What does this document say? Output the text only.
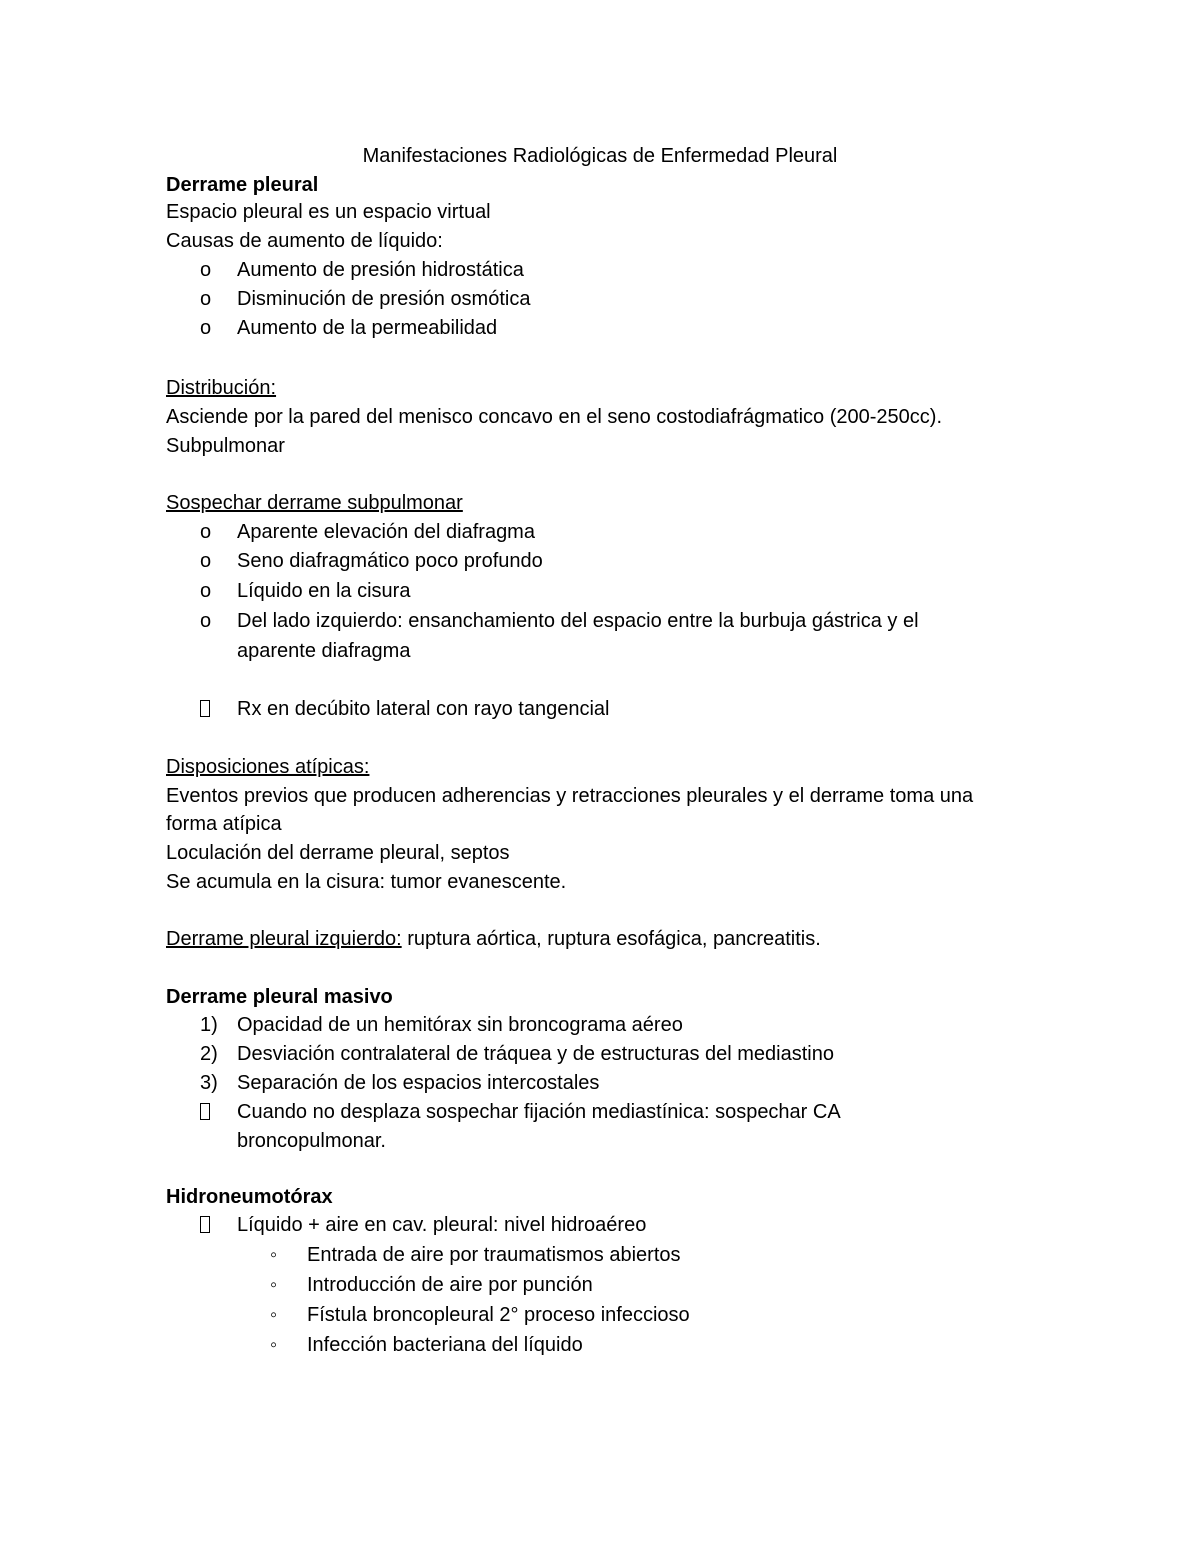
Manifestaciones Radiológicas de Enfermedad Pleural
Derrame pleural
Espacio pleural es un espacio virtual
Causas de aumento de líquido:
o	Aumento de presión hidrostática
o	Disminución de presión osmótica
o	Aumento de la permeabilidad
Distribución:
Asciende por la pared del menisco concavo en el seno costodiafrágmatico (200-250cc).
Subpulmonar
Sospechar derrame subpulmonar
o	Aparente elevación del diafragma
o	Seno diafragmático poco profundo
o	Líquido en la cisura
o	Del lado izquierdo: ensanchamiento del espacio entre la burbuja gástrica y el
aparente diafragma
Rx en decúbito lateral con rayo tangencial
Disposiciones atípicas:
Eventos previos que producen adherencias y retracciones pleurales y el derrame toma una
forma atípica
Loculación del derrame pleural, septos
Se acumula en la cisura: tumor evanescente.
Derrame pleural izquierdo: ruptura aórtica, ruptura esofágica, pancreatitis.
Derrame pleural masivo
1) Opacidad de un hemitórax sin broncograma aéreo
2) Desviación contralateral de tráquea y de estructuras del mediastino
3) Separación de los espacios intercostales
Cuando no desplaza sospechar fijación mediastínica: sospechar CA
broncopulmonar.
Hidroneumotórax
Líquido + aire en cav. pleural: nivel hidroaéreo
◦	Entrada de aire por traumatismos abiertos
◦	Introducción de aire por punción
◦	Fístula broncopleural 2° proceso infeccioso
◦	Infección bacteriana del líquido
